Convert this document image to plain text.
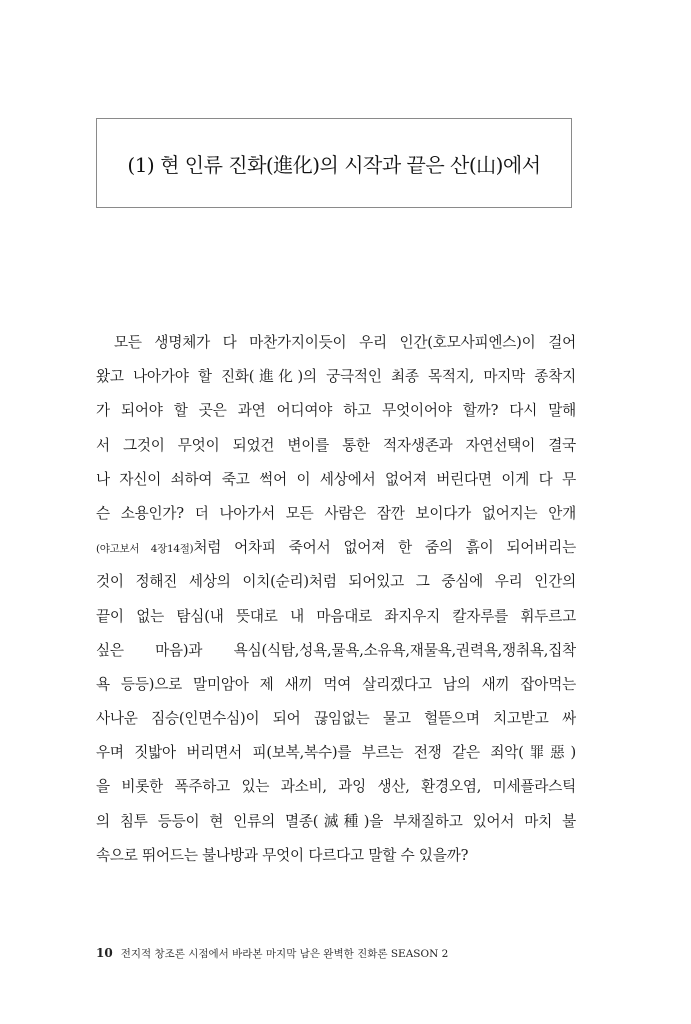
(1) 현 인류 진화(進化)의 시작과 끝은 산(山)에서
모든 생명체가 다 마찬가지이듯이 우리 인간(호모사피엔스)이 걸어
왔고 나아가야 할 진화(進化)의 궁극적인 최종 목적지, 마지막 종착지
가 되어야 할 곳은 과연 어디여야 하고 무엇이어야 할까? 다시 말해
서 그것이 무엇이 되었건 변이를 통한 적자생존과 자연선택이 결국
나 자신이 쇠하여 죽고 썩어 이 세상에서 없어져 버린다면 이게 다 무
슨 소용인가? 더 나아가서 모든 사람은 잠깐 보이다가 없어지는 안개
(야고보서 4장14절)처럼 어차피 죽어서 없어져 한 줌의 흙이 되어버리는
것이 정해진 세상의 이치(순리)처럼 되어있고 그 중심에 우리 인간의
끝이 없는 탐심(내 뜻대로 내 마음대로 좌지우지 칼자루를 휘두르고
싶은 마음)과 욕심(식탐,성욕,물욕,소유욕,재물욕,권력욕,쟁취욕,집착
욕 등등)으로 말미암아 제 새끼 먹여 살리겠다고 남의 새끼 잡아먹는
사나운 짐승(인면수심)이 되어 끊임없는 물고 헐뜯으며 치고받고 싸
우며 짓밟아 버리면서 피(보복,복수)를 부르는 전쟁 같은 죄악(罪惡)
을 비롯한 폭주하고 있는 과소비, 과잉 생산, 환경오염, 미세플라스틱
의 침투 등등이 현 인류의 멸종(滅種)을 부채질하고 있어서 마치 불
속으로 뛰어드는 불나방과 무엇이 다르다고 말할 수 있을까?
10 전지적 창조론 시점에서 바라본 마지막 남은 완벽한 진화론 SEASON 2
